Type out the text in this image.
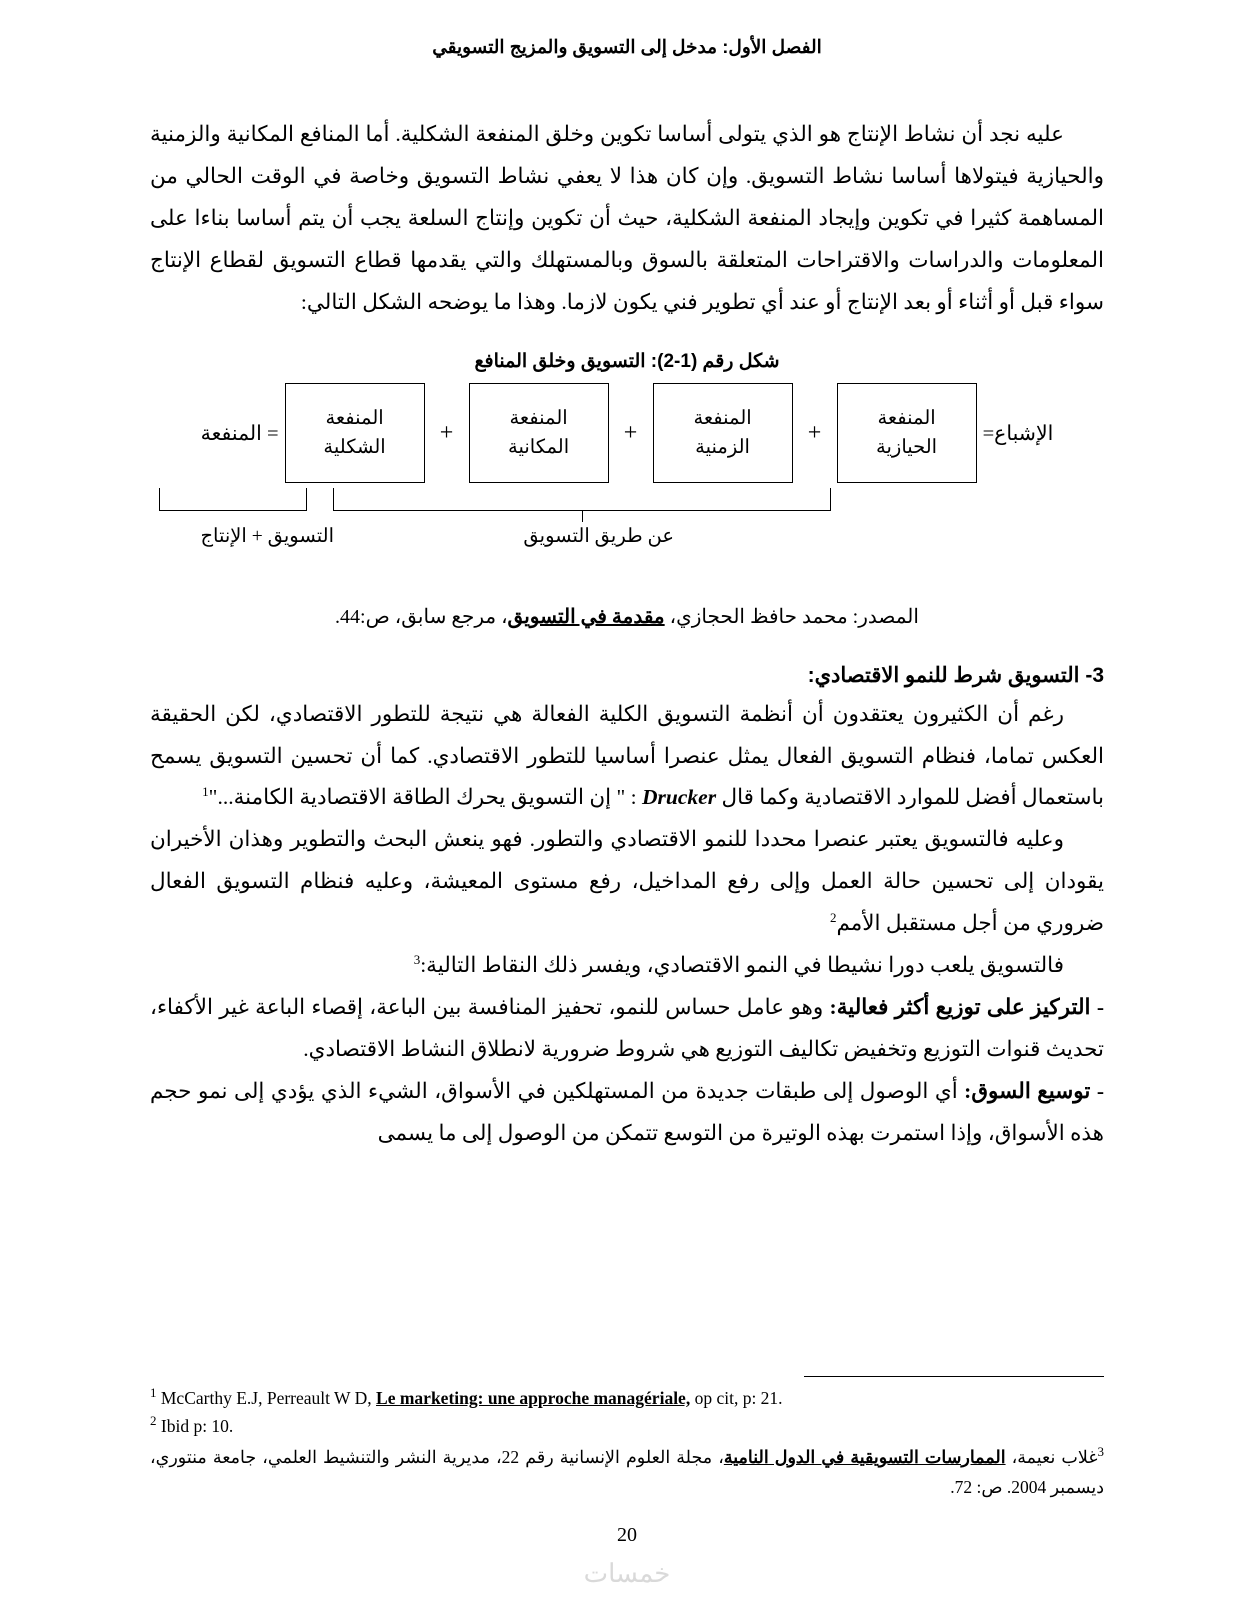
الفصل الأول: مدخل إلى التسويق والمزيج التسويقي

عليه نجد أن نشاط الإنتاج هو الذي يتولى أساسا تكوين وخلق المنفعة الشكلية. أما المنافع المكانية والزمنية والحيازية فيتولاها أساسا نشاط التسويق. وإن كان هذا لا يعفي نشاط التسويق وخاصة في الوقت الحالي من المساهمة كثيرا في تكوين وإيجاد المنفعة الشكلية، حيث أن تكوين وإنتاج السلعة يجب أن يتم أساسا بناءا على المعلومات والدراسات والاقتراحات المتعلقة بالسوق وبالمستهلك والتي يقدمها قطاع التسويق لقطاع الإنتاج سواء قبل أو أثناء أو بعد الإنتاج أو عند أي تطوير فني يكون لازما. وهذا ما يوضحه الشكل التالي:

شكل رقم (1-2): التسويق وخلق المنافع
الإشباع=
المنفعة
الحيازية
+
المنفعة
الزمنية
+
المنفعة
المكانية
+
المنفعة
الشكلية
= المنفعة
عن طريق التسويق
التسويق + الإنتاج
المصدر: محمد حافظ الحجازي، مقدمة في التسويق، مرجع سابق، ص:44.
3- التسويق شرط للنمو الاقتصادي:

رغم أن الكثيرون يعتقدون أن أنظمة التسويق الكلية الفعالة هي نتيجة للتطور الاقتصادي، لكن الحقيقة العكس تماما، فنظام التسويق الفعال يمثل عنصرا أساسيا للتطور الاقتصادي. كما أن تحسين التسويق يسمح باستعمال أفضل للموارد الاقتصادية وكما قال Drucker : " إن التسويق يحرك الطاقة الاقتصادية الكامنة..."$^1$

وعليه فالتسويق يعتبر عنصرا محددا للنمو الاقتصادي والتطور. فهو ينعش البحث والتطوير وهذان الأخيران يقودان إلى تحسين حالة العمل وإلى رفع المداخيل، رفع مستوى المعيشة، وعليه فنظام التسويق الفعال ضروري من أجل مستقبل الأمم$^2$

فالتسويق يلعب دورا نشيطا في النمو الاقتصادي، ويفسر ذلك النقاط التالية:$^3$

- التركيز على توزيع أكثر فعالية: وهو عامل حساس للنمو، تحفيز المنافسة بين الباعة، إقصاء الباعة غير الأكفاء، تحديث قنوات التوزيع وتخفيض تكاليف التوزيع هي شروط ضرورية لانطلاق النشاط الاقتصادي.

- توسيع السوق: أي الوصول إلى طبقات جديدة من المستهلكين في الأسواق، الشيء الذي يؤدي إلى نمو حجم هذه الأسواق، وإذا استمرت بهذه الوتيرة من التوسع تتمكن من الوصول إلى ما يسمى

$^1$ McCarthy E.J, Perreault W D, Le marketing: une approche managériale, op cit, p: 21.

$^2$ Ibid p: 10.

$^3$غلاب نعيمة، الممارسات التسويقية في الدول النامية، مجلة العلوم الإنسانية رقم 22، مديرية النشر والتنشيط العلمي، جامعة منتوري، ديسمبر 2004. ص: 72.

20
خمسات
